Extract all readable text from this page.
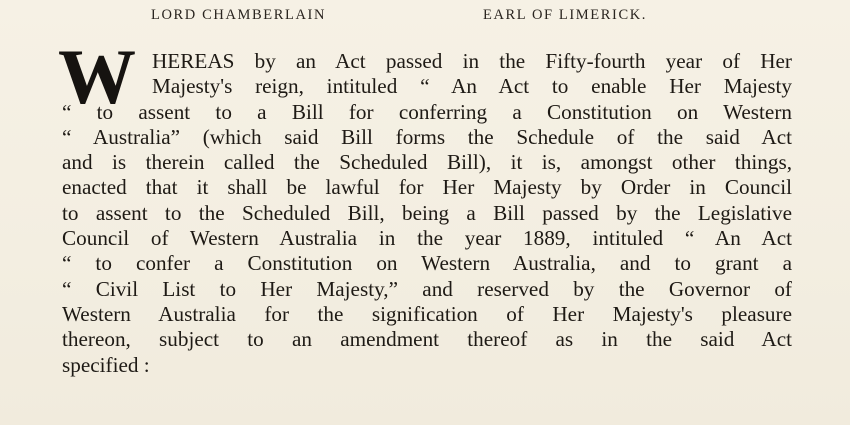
LORD CHAMBERLAIN	EARL OF LIMERICK.
W HEREAS by an Act passed in the Fifty-fourth year of Her
Majesty's reign, intituled “ An Act to enable Her Majesty
“ to assent to a Bill for conferring a Constitution on Western
“ Australia” (which said Bill forms the Schedule of the said Act
and is therein called the Scheduled Bill), it is, amongst other things,
enacted that it shall be lawful for Her Majesty by Order in Council
to assent to the Scheduled Bill, being a Bill passed by the Legislative
Council of Western Australia in the year 1889, intituled “ An Act
“ to confer a Constitution on Western Australia, and to grant a
“ Civil List to Her Majesty,” and reserved by the Governor of
Western Australia for the signification of Her Majesty's pleasure
thereon, subject to an amendment thereof as in the said Act
specified :
